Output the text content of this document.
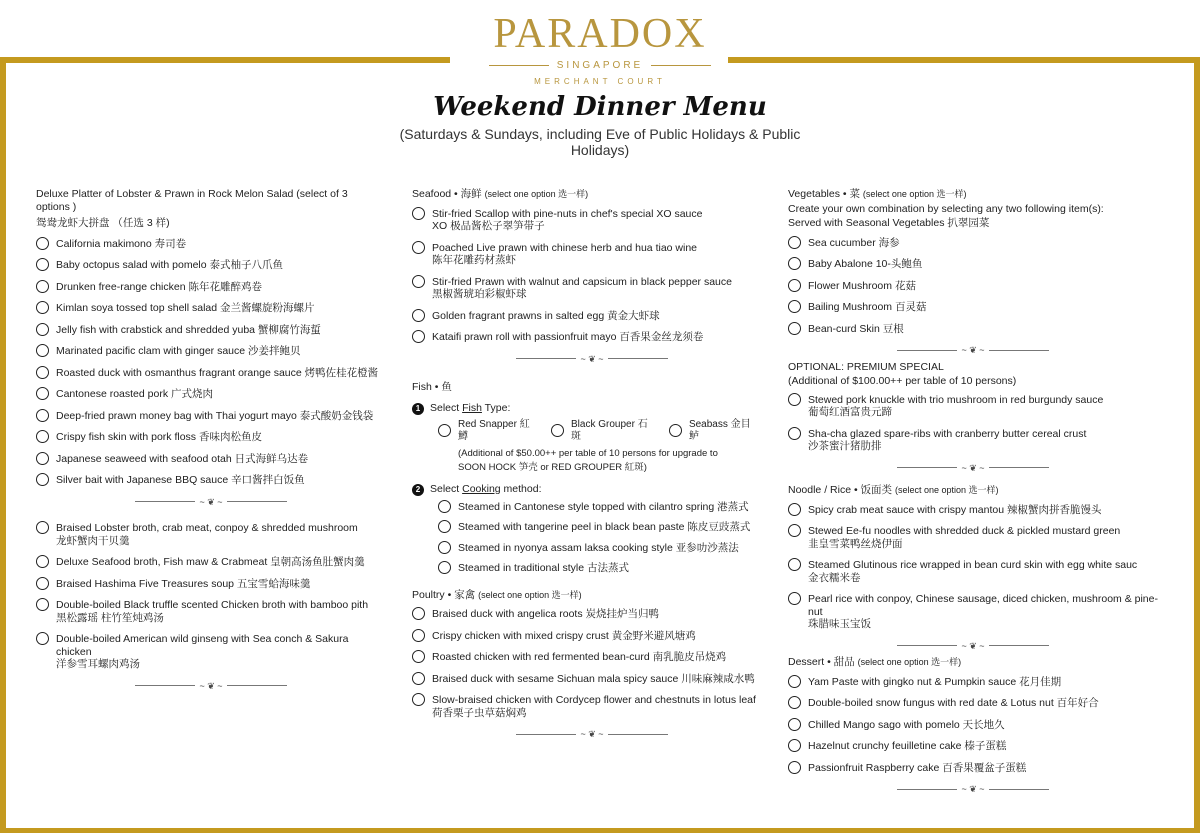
PARADOX
SINGAPORE
MERCHANT COURT
Weekend Dinner Menu
(Saturdays & Sundays, including Eve of Public Holidays & Public Holidays)
Deluxe Platter of Lobster & Prawn in Rock Melon Salad (select of 3 options )
鸳鸯龙虾大拼盘 （任选 3 样)
California makimono 寿司卷
Baby octopus salad with pomelo 泰式柚子八爪鱼
Drunken free-range chicken 陈年花雕醉鸡卷
Kimlan soya tossed top shell salad 金兰酱螺旋粉海螺片
Jelly fish with crabstick and shredded yuba 蟹柳腐竹海蜇
Marinated pacific clam with ginger sauce 沙姜拌鲍贝
Roasted duck with osmanthus fragrant orange sauce 烤鸭佐桂花橙酱
Cantonese roasted pork 广式烧肉
Deep-fried prawn money bag with Thai yogurt mayo 泰式酸奶金钱袋
Crispy fish skin with pork floss 香味肉松鱼皮
Japanese seaweed with seafood otah 日式海鲜乌达卷
Silver bait with Japanese BBQ sauce 辛口酱拌白饭鱼
~ ❦ ~
Braised Lobster broth, crab meat, conpoy & shredded mushroom
龙虾蟹肉干贝羹
Deluxe Seafood broth, Fish maw & Crabmeat 皇朝高汤鱼肚蟹肉羹
Braised Hashima Five Treasures soup 五宝雪蛤海味羹
Double-boiled Black truffle scented Chicken broth with bamboo pith
黑松露瑶 柱竹笙炖鸡汤
Double-boiled American wild ginseng with Sea conch & Sakura chicken
洋参雪耳螺肉鸡汤
~ ❦ ~
Seafood • 海鲜 (select one option 选一样)
Stir-fried Scallop with pine-nuts in chef's special XO sauce
XO 极品酱松子翠笋带子
Poached Live prawn with chinese herb and hua tiao wine
陈年花雕药材蒸虾
Stir-fried Prawn with walnut and capsicum in black pepper sauce
黑椒酱琥珀彩椒虾球
Golden fragrant prawns in salted egg 黄金大虾球
Kataifi prawn roll with passionfruit mayo 百香果金丝龙须卷
~ ❦ ~
Fish • 鱼
1 Select Fish Type:
Red Snapper 紅鱒
Black Grouper 石斑
Seabass 金目鲈
(Additional of $50.00++ per table of 10 persons for upgrade to
SOON HOCK 笋壳 or RED GROUPER 紅斑)
2 Select Cooking method:
Steamed in Cantonese style topped with cilantro spring 港蒸式
Steamed with tangerine peel in black bean paste 陈皮豆豉蒸式
Steamed in nyonya assam laksa cooking style 亚参叻沙蒸法
Steamed in traditional style 古法蒸式
Poultry • 家禽 (select one option 选一样)
Braised duck with angelica roots 炭烧挂炉当归鸭
Crispy chicken with mixed crispy crust 黄金野米避风塘鸡
Roasted chicken with red fermented bean-curd 南乳脆皮吊烧鸡
Braised duck with sesame Sichuan mala spicy sauce 川味麻辣咸水鸭
Slow-braised chicken with Cordycep flower and chestnuts in lotus leaf
荷香栗子虫草菇焖鸡
~ ❦ ~
Vegetables • 菜 (select one option 选一样)
Create your own combination by selecting any two following item(s):
Served with Seasonal Vegetables 扒翠园菜
Sea cucumber 海参
Baby Abalone 10-头鲍鱼
Flower Mushroom 花菇
Bailing Mushroom 百灵菇
Bean-curd Skin 豆根
~ ❦ ~
OPTIONAL: PREMIUM SPECIAL
(Additional of $100.00++ per table of 10 persons)
Stewed pork knuckle with trio mushroom in red burgundy sauce
葡萄红酒富贵元蹄
Sha-cha glazed spare-ribs with cranberry butter cereal crust
沙茶蜜汁猪肋排
~ ❦ ~
Noodle / Rice • 饭面类 (select one option 选一样)
Spicy crab meat sauce with crispy mantou 辣椒蟹肉拼香脆馒头
Stewed Ee-fu noodles with shredded duck & pickled mustard green
韭皇雪菜鸭丝烧伊面
Steamed Glutinous rice wrapped in bean curd skin with egg white sauc
金衣糯米卷
Pearl rice with conpoy, Chinese sausage, diced chicken, mushroom & pine-nut
珠腊味玉宝饭
~ ❦ ~
Dessert • 甜品 (select one option 选一样)
Yam Paste with gingko nut & Pumpkin sauce 花月佳期
Double-boiled snow fungus with red date & Lotus nut 百年好合
Chilled Mango sago with pomelo 天长地久
Hazelnut crunchy feuilletine cake 榛子蛋糕
Passionfruit Raspberry cake 百香果覆盆子蛋糕
~ ❦ ~
